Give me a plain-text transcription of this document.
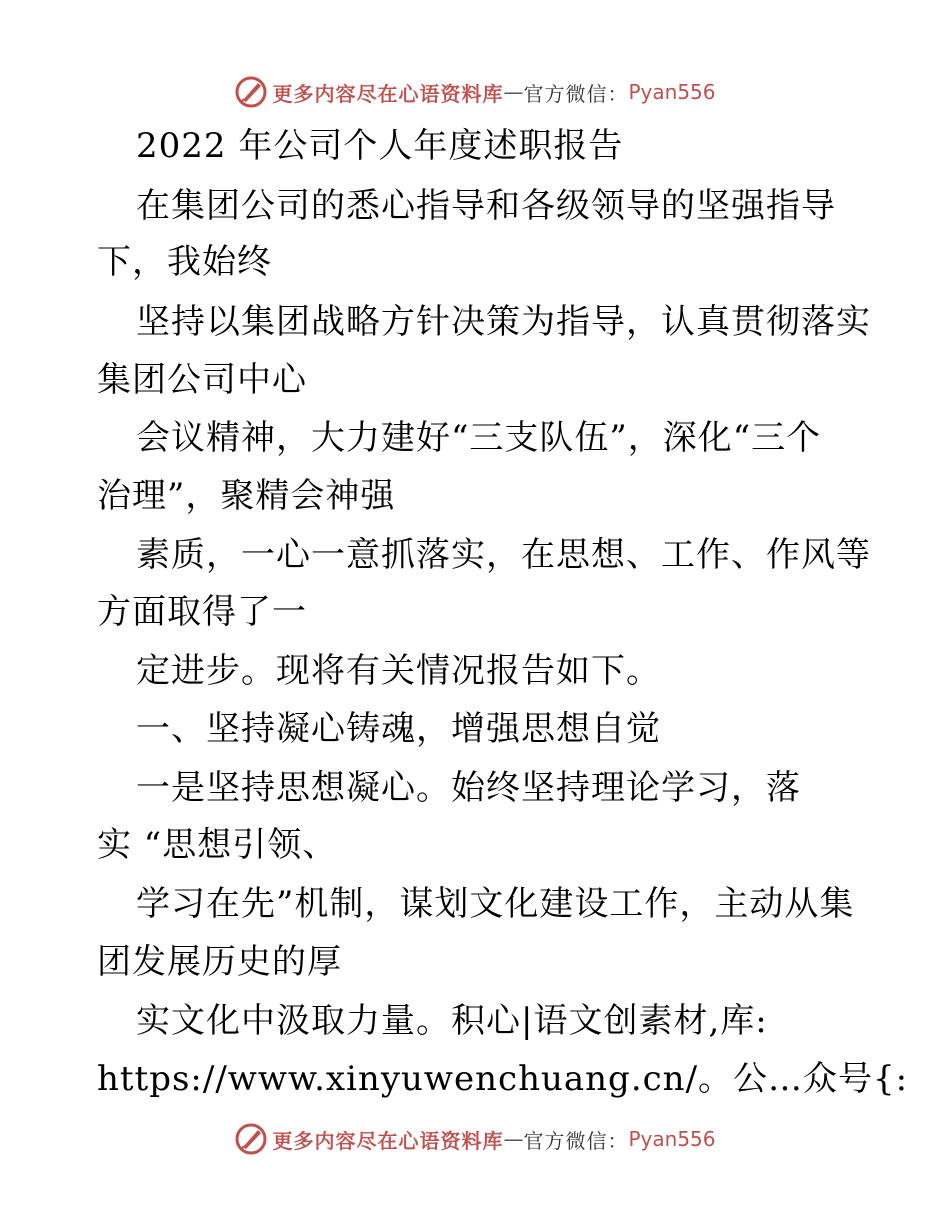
更多内容尽在心语资料库 — 官方微信： Pyan556
2022 年公司个人年度述职报告
在集团公司的悉心指导和各级领导的坚强指导
下，我始终
坚持以集团战略方针决策为指导，认真贯彻落实
集团公司中心
会议精神，大力建好“三支队伍”，深化“三个
治理”，聚精会神强
素质，一心一意抓落实，在思想、工作、作风等
方面取得了一
定进步。现将有关情况报告如下。
一、坚持凝心铸魂，增强思想自觉
一是坚持思想凝心。始终坚持理论学习，落
实 “思想引领、
学习在先”机制，谋划文化建设工作，主动从集
团发展历史的厚
实文化中汲取力量。积心|语文创素材,库:
https://www.xinyuwenchuang.cn/。公…众号{:
更多内容尽在心语资料库 — 官方微信： Pyan556
